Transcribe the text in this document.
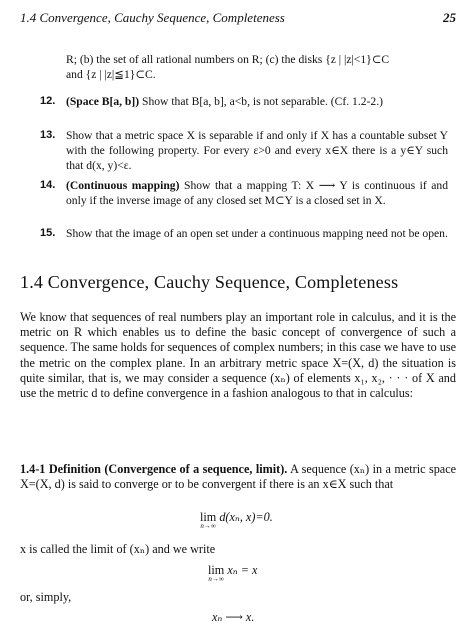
1.4 Convergence, Cauchy Sequence, Completeness	25
R; (b) the set of all rational numbers on R; (c) the disks {z | |z|<1}⊂C
and {z | |z|≦1}⊂C.
12. (Space B[a, b]) Show that B[a, b], a<b, is not separable. (Cf. 1.2-2.)
13. Show that a metric space X is separable if and only if X has a countable subset Y with the following property. For every ε>0 and every x∈X there is a y∈Y such that d(x, y)<ε.
14. (Continuous mapping) Show that a mapping T: X ⟶ Y is continuous if and only if the inverse image of any closed set M⊂Y is a closed set in X.
15. Show that the image of an open set under a continuous mapping need not be open.
1.4 Convergence, Cauchy Sequence, Completeness
We know that sequences of real numbers play an important role in calculus, and it is the metric on R which enables us to define the basic concept of convergence of such a sequence. The same holds for sequences of complex numbers; in this case we have to use the metric on the complex plane. In an arbitrary metric space X=(X, d) the situation is quite similar, that is, we may consider a sequence (xₙ) of elements x₁, x₂, · · · of X and use the metric d to define convergence in a fashion analogous to that in calculus:
1.4-1 Definition (Convergence of a sequence, limit). A sequence (xₙ) in a metric space X=(X, d) is said to converge or to be convergent if there is an x∈X such that
lim
n→∞
d(xₙ, x)=0.
x is called the limit of (xₙ) and we write
lim
n→∞
xₙ = x
or, simply,
xₙ ⟶ x.
